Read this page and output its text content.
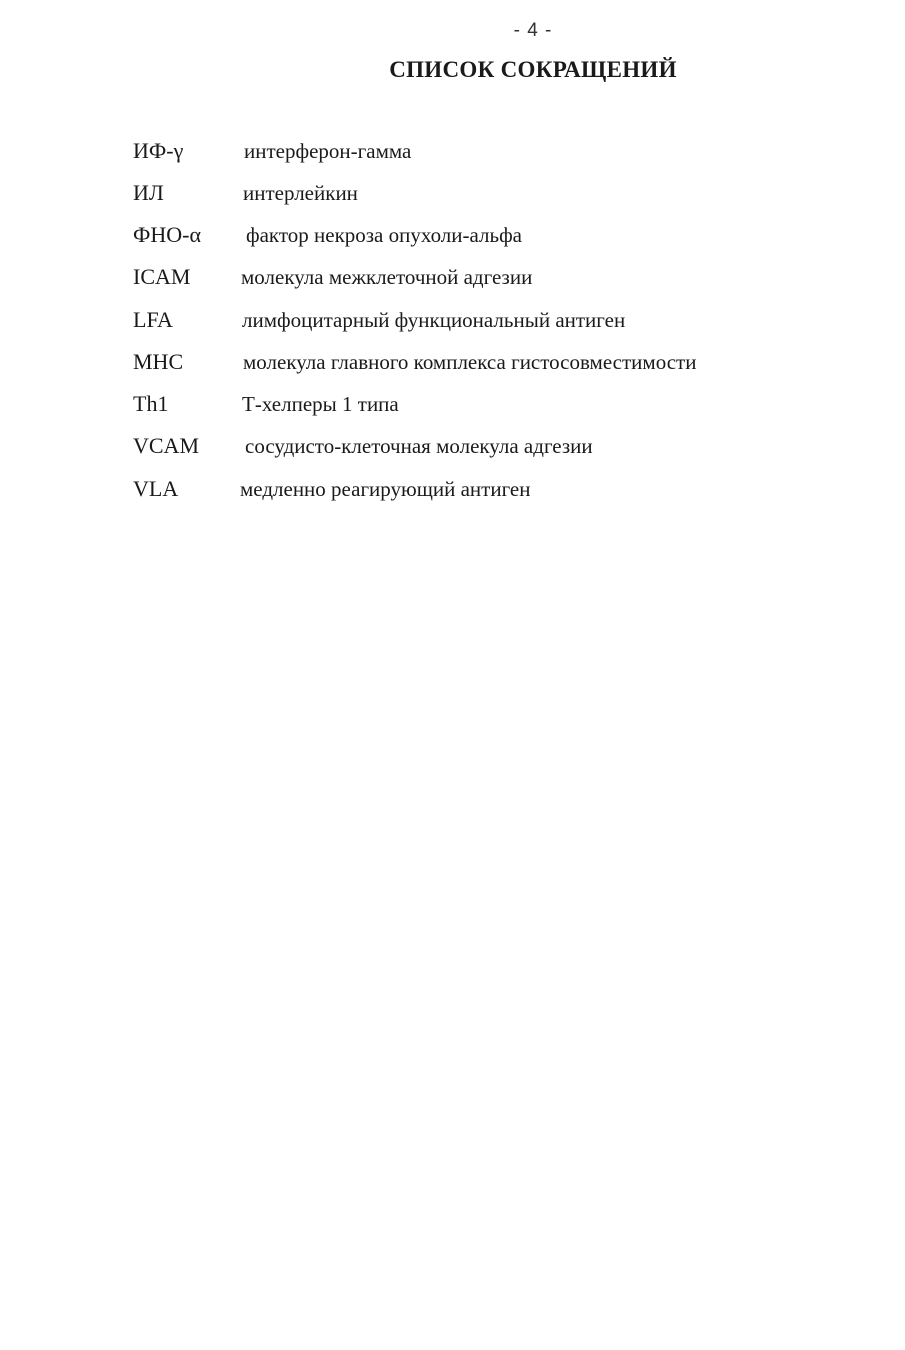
- 4 -
СПИСОК СОКРАЩЕНИЙ
ИФ-γ	интерферон-гамма
ИЛ	интерлейкин
ФНО-α фактор некроза опухоли-альфа
ICAM молекула межклеточной адгезии
LFA	лимфоцитарный функциональный антиген
MHC	молекула главного комплекса гистосовместимости
Th1	Т-хелперы 1 типа
VCAM сосудисто-клеточная молекула адгезии
VLA	медленно реагирующий антиген
